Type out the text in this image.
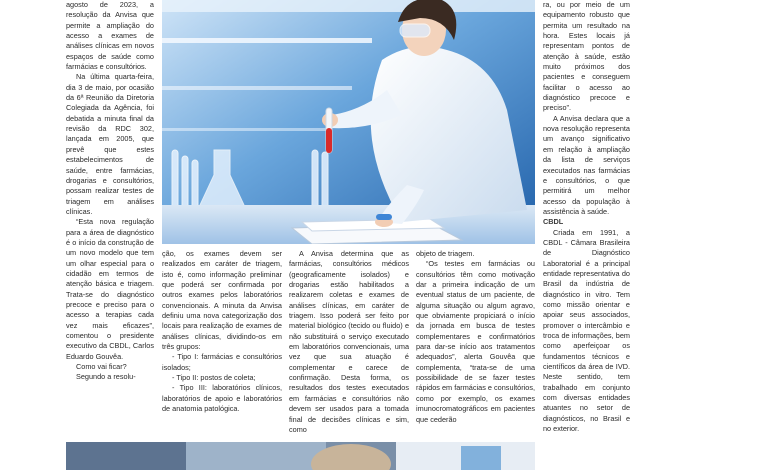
agosto de 2023, a resolução da Anvisa que permite a ampliação do acesso a exames de análises clínicas em novos espaços de saúde como farmácias e consultórios.

Na última quarta-feira, dia 3 de maio, por ocasião da 6ª Reunião da Diretoria Colegiada da Agência, foi debatida a minuta final da revisão da RDC 302, lançada em 2005, que prevê que estes estabelecimentos de saúde, entre farmácias, drogarias e consultórios, possam realizar testes de triagem em análises clínicas.

“Esta nova regulação para a área de diagnóstico é o início da construção de um novo modelo que tem um olhar especial para o cidadão em termos de atenção básica e triagem. Trata-se do diagnóstico precoce e preciso para o acesso a terapias cada vez mais eficazes”, comentou o presidente executivo da CBDL, Carlos Eduardo Gouvêa.

Como vai ficar?

Segundo a resolu-

ção, os exames devem ser realizados em caráter de triagem, isto é, como informação preliminar que poderá ser confirmada por outros exames pelos laboratórios convencionais. A minuta da Anvisa definiu uma nova categorização dos locais para realização de exames de análises clínicas, dividindo-os em três grupos:

- Tipo I: farmácias e consultórios isolados;

- Tipo II: postos de coleta;

- Tipo III: laboratórios clínicos, laboratórios de apoio e laboratórios de anatomia patológica.

A Anvisa determina que as farmácias, consultórios médicos (geograficamente isolados) e drogarias estão habilitados a realizarem coletas e exames de análises clínicas, em caráter de triagem. Isso poderá ser feito por material biológico (tecido ou fluido) e não substituirá o serviço executado em laboratórios convencionais, uma vez que sua atuação é complementar e carece de confirmação. Desta forma, os resultados dos testes executados em farmácias e consultórios não devem ser usados para a tomada final de decisões clínicas e sim, como

objeto de triagem.

“Os testes em farmácias ou consultórios têm como motivação dar a primeira indicação de um eventual status de um paciente, de alguma situação ou algum agravo, que obviamente propiciará o início da jornada em busca de testes complementares e confirmatórios para dar-se início aos tratamentos adequados”, alerta Gouvêa que complementa, “trata-se de uma possibilidade de se fazer testes rápidos em farmácias e consultórios, como por exemplo, os exames imunocromatográficos em pacientes que cederão

ra, ou por meio de um equipamento robusto que permita um resultado na hora. Estes locais já representam pontos de atenção à saúde, estão muito próximos dos pacientes e conseguem facilitar o acesso ao diagnóstico precoce e preciso”.

A Anvisa declara que a nova resolução representa um avanço significativo em relação à ampliação da lista de serviços executados nas farmácias e consultórios, o que permitirá um melhor acesso da população à assistência à saúde.

CBDL

Criada em 1991, a CBDL - Câmara Brasileira de Diagnóstico Laboratorial é a principal entidade representativa do Brasil da indústria de diagnóstico in vitro. Tem como missão orientar e apoiar seus associados, promover o intercâmbio e troca de informações, bem como aperfeiçoar os fundamentos técnicos e científicos da área de IVD. Neste sentido, tem trabalhado em conjunto com diversas entidades atuantes no setor de diagnósticos, no Brasil e no exterior.
